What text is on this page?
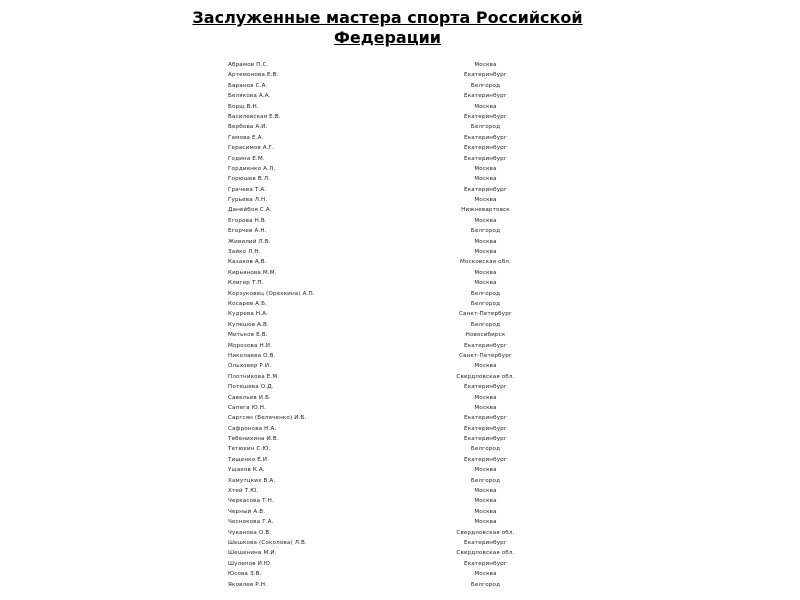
Заслуженные мастера спорта Российской Федерации
Абрамов П.С.	Москва
Артемонова Е.В.	Екатеринбург
Баранов С.А.	Белгород
Белякова А.А.	Екатеринбург
Борщ В.Н.	Москва
Василевская Е.В.	Екатеринбург
Вербова А.И.	Белгород
Гамова Е.А.	Екатеринбург
Герасимов А.Г.	Екатеринбург
Година Е.М.	Екатеринбург
Гордиенко А.Л.	Москва
Горюшев В.Л.	Москва
Грачева Т.А.	Екатеринбург
Гурьева Л.Н.	Москва
Данейбоя С.А.	Нижневартовск
Егорова Н.В.	Москва
Егорчев А.Н.	Белгород
Живилий Л.В.	Москва
Зайко Л.Н.	Москва
Казаков А.В.	Московская обл.
Кирьянова М.М.	Москва
Клигер Т.П.	Москва
Корзуковец (Орехкина) А.П.	Белгород
Косарев А.Б.	Белгород
Кудрева Н.А.	Санкт-Петербург
Кулешов А.В.	Белгород
Митьков Е.В.	Новосибирск
Морозова Н.И.	Екатеринбург
Николаева О.В.	Санкт-Петербург
Ольховер Р.И.	Москва
Плотникова Е.М.	Свердловская обл.
Потешева О.Д.	Екатеринбург
Савельев И.Б.	Москва
Сапега Ю.Н.	Москва
Саргсян (Беляченко) И.Б.	Екатеринбург
Сафронова Н.А.	Екатеринбург
Тебенихина И.В.	Екатеринбург
Тетюхин С.Ю.	Белгород
Тищенко Е.И.	Екатеринбург
Ушаков К.А.	Москва
Хамутцких В.А.	Белгород
Хтей Т.Ю.	Москва
Черкасова Т.Н.	Москва
Черный А.В.	Москва
Чеснокова Г.А.	Москва
Чуканова О.В.	Свердловская обл.
Шешкова (Соколова) Л.В.	Екатеринбург
Шешенина М.И.	Свердловская обл.
Шулепов И.Ю.	Екатеринбург
Юсова З.В.	Москва
Яковлев Р.Н.	Белгород
